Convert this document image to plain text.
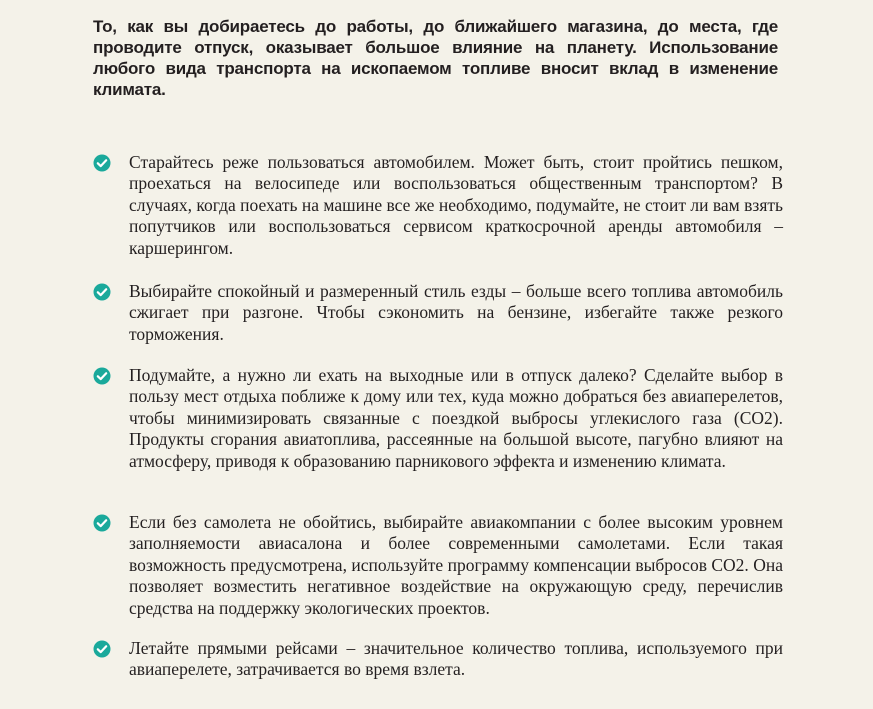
То, как вы добираетесь до работы, до ближайшего магазина, до места, где проводите отпуск, оказывает большое влияние на планету. Использование любого вида транспорта на ископаемом топливе вносит вклад в изменение климата.

Старайтесь реже пользоваться автомобилем. Может быть, стоит пройтись пешком, проехаться на велосипеде или воспользоваться общественным транспортом? В случаях, когда поехать на машине все же необходимо, подумайте, не стоит ли вам взять попутчиков или воспользоваться сервисом краткосрочной аренды автомобиля – каршерингом.
Выбирайте спокойный и размеренный стиль езды – больше всего топлива автомобиль сжигает при разгоне. Чтобы сэкономить на бензине, избегайте также резкого торможения.
Подумайте, а нужно ли ехать на выходные или в отпуск далеко? Сделайте выбор в пользу мест отдыха поближе к дому или тех, куда можно добраться без авиаперелетов, чтобы минимизировать связанные с поездкой выбросы углекислого газа (СО2). Продукты сгорания авиатоплива, рассеянные на большой высоте, пагубно влияют на атмосферу, приводя к образованию парникового эффекта и изменению климата.
Если без самолета не обойтись, выбирайте авиакомпании с более высоким уровнем заполняемости авиасалона и более современными самолетами. Если такая возможность предусмотрена, используйте программу компенсации выбросов СО2. Она позволяет возместить негативное воздействие на окружающую среду, перечислив средства на поддержку экологических проектов.
Летайте прямыми рейсами – значительное количество топлива, используемого при авиаперелете, затрачивается во время взлета.
